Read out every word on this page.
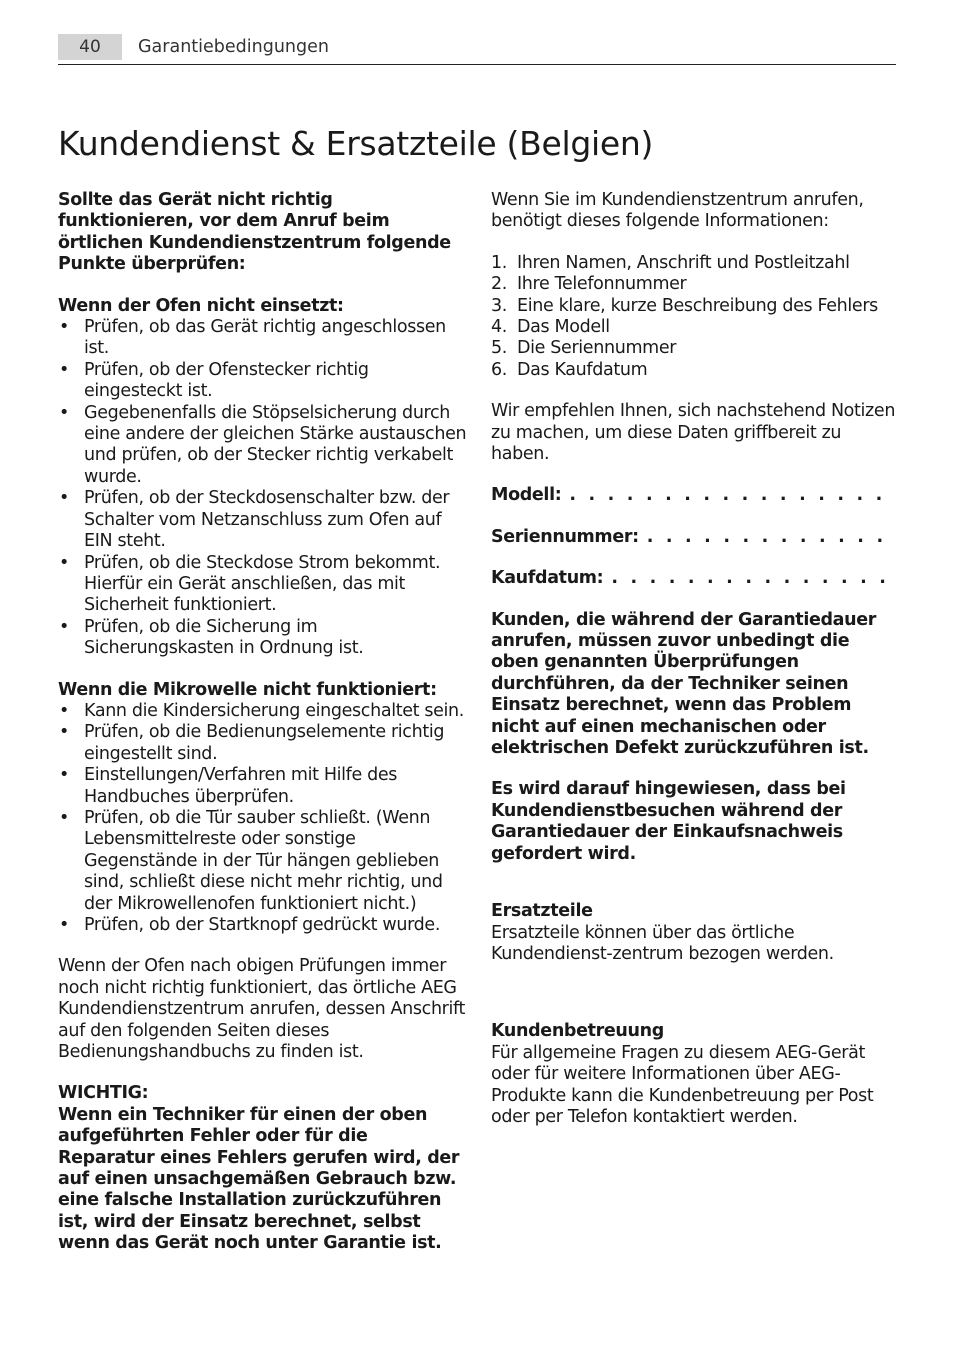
40	Garantiebedingungen
Kundendienst & Ersatzteile (Belgien)

Sollte das Gerät nicht richtig funktionieren, vor dem Anruf beim örtlichen Kundendienstzentrum folgende Punkte überprüfen:

Wenn der Ofen nicht einsetzt:

• Prüfen, ob das Gerät richtig angeschlossen ist.
• Prüfen, ob der Ofenstecker richtig eingesteckt ist.
• Gegebenenfalls die Stöpselsicherung durch eine andere der gleichen Stärke austauschen und prüfen, ob der Stecker richtig verkabelt wurde.
• Prüfen, ob der Steckdosenschalter bzw. der Schalter vom Netzanschluss zum Ofen auf EIN steht.
• Prüfen, ob die Steckdose Strom bekommt. Hierfür ein Gerät anschließen, das mit Sicherheit funktioniert.
• Prüfen, ob die Sicherung im Sicherungskasten in Ordnung ist.

Wenn die Mikrowelle nicht funktioniert:

• Kann die Kindersicherung eingeschaltet sein.
• Prüfen, ob die Bedienungselemente richtig eingestellt sind.
• Einstellungen/Verfahren mit Hilfe des Handbuches überprüfen.
• Prüfen, ob die Tür sauber schließt. (Wenn Lebensmittelreste oder sonstige Gegenstände in der Tür hängen geblieben sind, schließt diese nicht mehr richtig, und der Mikrowellenofen funktioniert nicht.)
• Prüfen, ob der Startknopf gedrückt wurde.

Wenn der Ofen nach obigen Prüfungen immer noch nicht richtig funktioniert, das örtliche AEG Kundendienstzentrum anrufen, dessen Anschrift auf den folgenden Seiten dieses Bedienungshandbuchs zu finden ist.

WICHTIG:

Wenn ein Techniker für einen der oben aufgeführten Fehler oder für die Reparatur eines Fehlers gerufen wird, der auf einen unsachgemäßen Gebrauch bzw. eine falsche Installation zurückzuführen ist, wird der Einsatz berechnet, selbst wenn das Gerät noch unter Garantie ist.

Wenn Sie im Kundendienstzentrum anrufen, benötigt dieses folgende Informationen:

1. Ihren Namen, Anschrift und Postleitzahl
2. Ihre Telefonnummer
3. Eine klare, kurze Beschreibung des Fehlers
4. Das Modell
5. Die Seriennummer
6. Das Kaufdatum

Wir empfehlen Ihnen, sich nachstehend Notizen zu machen, um diese Daten griffbereit zu haben.

Modell:
. . .
Seriennummer:
. . .
Kaufdatum:
. . .

Kunden, die während der Garantiedauer anrufen, müssen zuvor unbedingt die oben genannten Überprüfungen durchführen, da der Techniker seinen Einsatz berechnet, wenn das Problem nicht auf einen mechanischen oder elektrischen Defekt zurückzuführen ist.

Es wird darauf hingewiesen, dass bei Kundendienstbesuchen während der Garantiedauer der Einkaufsnachweis gefordert wird.

Ersatzteile

Ersatzteile können über das örtliche Kundendienst-zentrum bezogen werden.

Kundenbetreuung

Für allgemeine Fragen zu diesem AEG-Gerät oder für weitere Informationen über AEG-Produkte kann die Kundenbetreuung per Post oder per Telefon kontaktiert werden.
